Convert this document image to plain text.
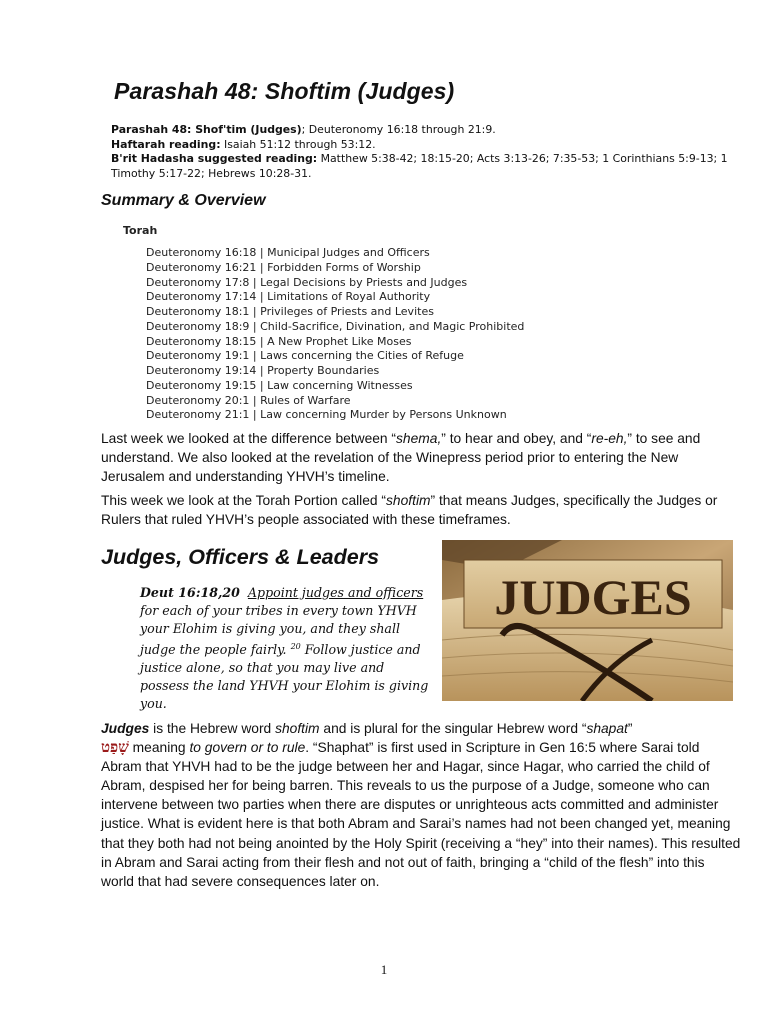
Parashah 48: Shoftim (Judges)

Parashah 48: Shof'tim (Judges); Deuteronomy 16:18 through 21:9.

Haftarah reading: Isaiah 51:12 through 53:12.

B'rit Hadasha suggested reading: Matthew 5:38-42; 18:15-20; Acts 3:13-26; 7:35-53; 1 Corinthians 5:9-13; 1 Timothy 5:17-22; Hebrews 10:28-31.

Summary & Overview
Torah
Deuteronomy 16:18 | Municipal Judges and Officers
Deuteronomy 16:21 | Forbidden Forms of Worship
Deuteronomy 17:8 | Legal Decisions by Priests and Judges
Deuteronomy 17:14 | Limitations of Royal Authority
Deuteronomy 18:1 | Privileges of Priests and Levites
Deuteronomy 18:9 | Child-Sacrifice, Divination, and Magic Prohibited
Deuteronomy 18:15 | A New Prophet Like Moses
Deuteronomy 19:1 | Laws concerning the Cities of Refuge
Deuteronomy 19:14 | Property Boundaries
Deuteronomy 19:15 | Law concerning Witnesses
Deuteronomy 20:1 | Rules of Warfare
Deuteronomy 21:1 | Law concerning Murder by Persons Unknown

Last week we looked at the difference between “shema,” to hear and obey, and “re-eh,” to see and understand. We also looked at the revelation of the Winepress period prior to entering the New Jerusalem and understanding YHVH’s timeline.

This week we look at the Torah Portion called “shoftim” that means Judges, specifically the Judges or Rulers that ruled YHVH’s people associated with these timeframes.

Judges, Officers & Leaders
Deut 16:18,20 Appoint judges and officers for each of your tribes in every town YHVH your Elohim is giving you, and they shall judge the people fairly. $^{20}$ Follow justice and justice alone, so that you may live and possess the land YHVH your Elohim is giving you.
JUDGES

Judges is the Hebrew word shoftim and is plural for the singular Hebrew word “shapat”
שָׁפַט meaning to govern or to rule. “Shaphat” is first used in Scripture in Gen 16:5 where Sarai told Abram that YHVH had to be the judge between her and Hagar, since Hagar, who carried the child of Abram, despised her for being barren. This reveals to us the purpose of a Judge, someone who can intervene between two parties when there are disputes or unrighteous acts committed and administer justice. What is evident here is that both Abram and Sarai’s names had not been changed yet, meaning that they both had not being anointed by the Holy Spirit (receiving a “hey” into their names). This resulted in Abram and Sarai acting from their flesh and not out of faith, bringing a “child of the flesh” into this world that had severe consequences later on.

1
